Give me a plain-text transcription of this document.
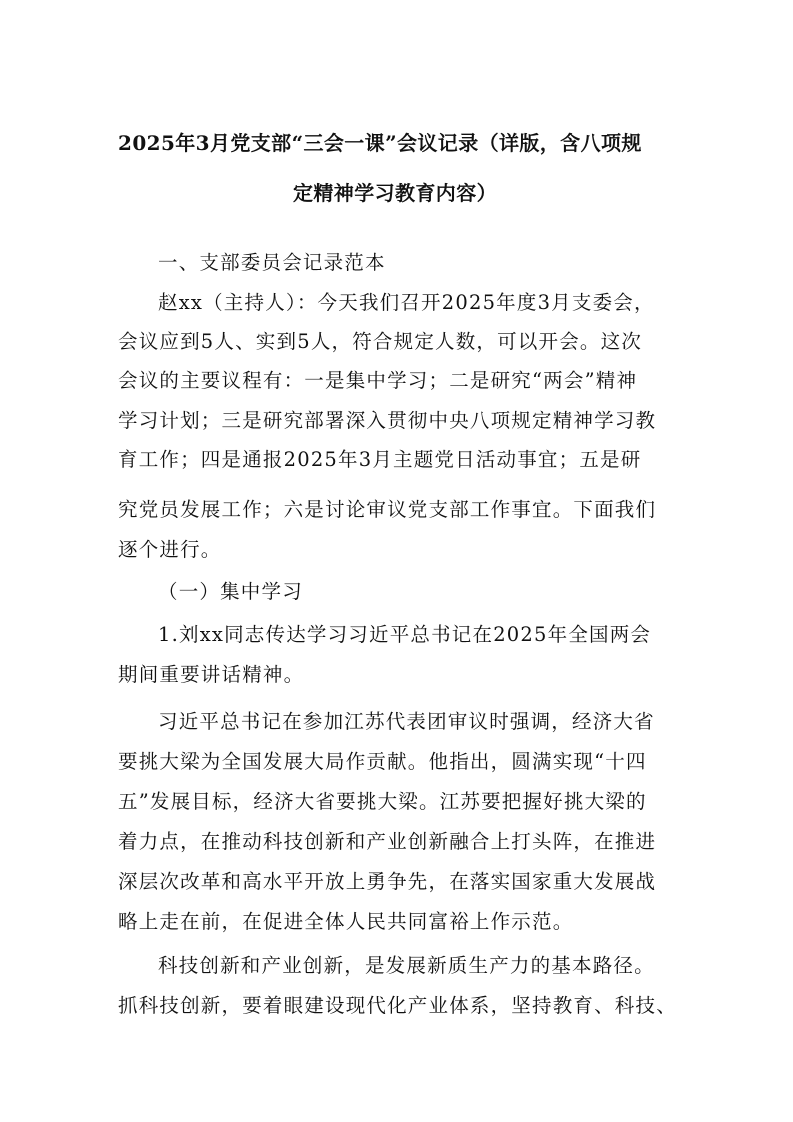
2025年3月党支部“三会一课”会议记录（详版，含八项规
定精神学习教育内容）
一、支部委员会记录范本
赵xx（主持人）：今天我们召开2025年度3月支委会，
会议应到5人、实到5人，符合规定人数，可以开会。这次
会议的主要议程有：一是集中学习；二是研究“两会”精神
学习计划；三是研究部署深入贯彻中央八项规定精神学习教
育工作；四是通报2025年3月主题党日活动事宜；五是研
究党员发展工作；六是讨论审议党支部工作事宜。下面我们
逐个进行。
（一）集中学习
1.刘xx同志传达学习习近平总书记在2025年全国两会
期间重要讲话精神。
习近平总书记在参加江苏代表团审议时强调，经济大省
要挑大梁为全国发展大局作贡献。他指出，圆满实现“十四
五”发展目标，经济大省要挑大梁。江苏要把握好挑大梁的
着力点，在推动科技创新和产业创新融合上打头阵，在推进
深层次改革和高水平开放上勇争先，在落实国家重大发展战
略上走在前，在促进全体人民共同富裕上作示范。
科技创新和产业创新，是发展新质生产力的基本路径。
抓科技创新，要着眼建设现代化产业体系，坚持教育、科技、
